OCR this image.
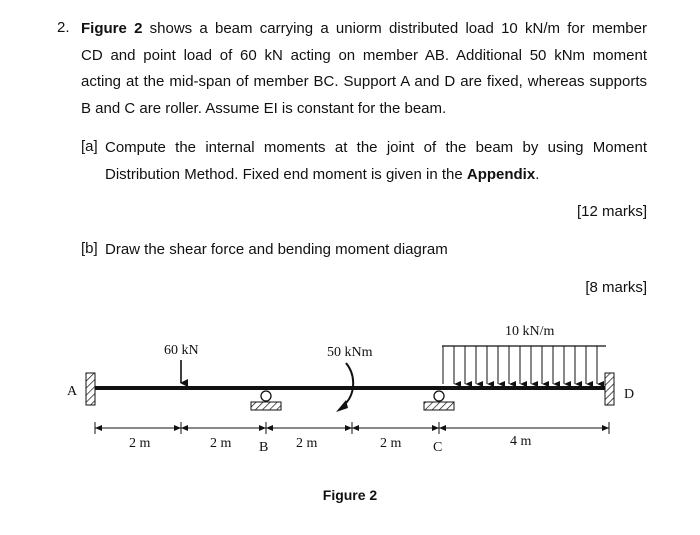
2. Figure 2 shows a beam carrying a uniorm distributed load 10 kN/m for member
CD and point load of 60 kN acting on member AB. Additional 50 kNm moment
acting at the mid-span of member BC. Support A and D are fixed, whereas supports
B and C are roller. Assume EI is constant for the beam.
[a] Compute the internal moments at the joint of the beam by using Moment
Distribution Method. Fixed end moment is given in the Appendix.
[12 marks]
[b] Draw the shear force and bending moment diagram
[8 marks]
A	D
B	C
60 kN	50 kNm
10 kN/m
2 m	2 m	2 m	2 m	4 m
Figure 2
